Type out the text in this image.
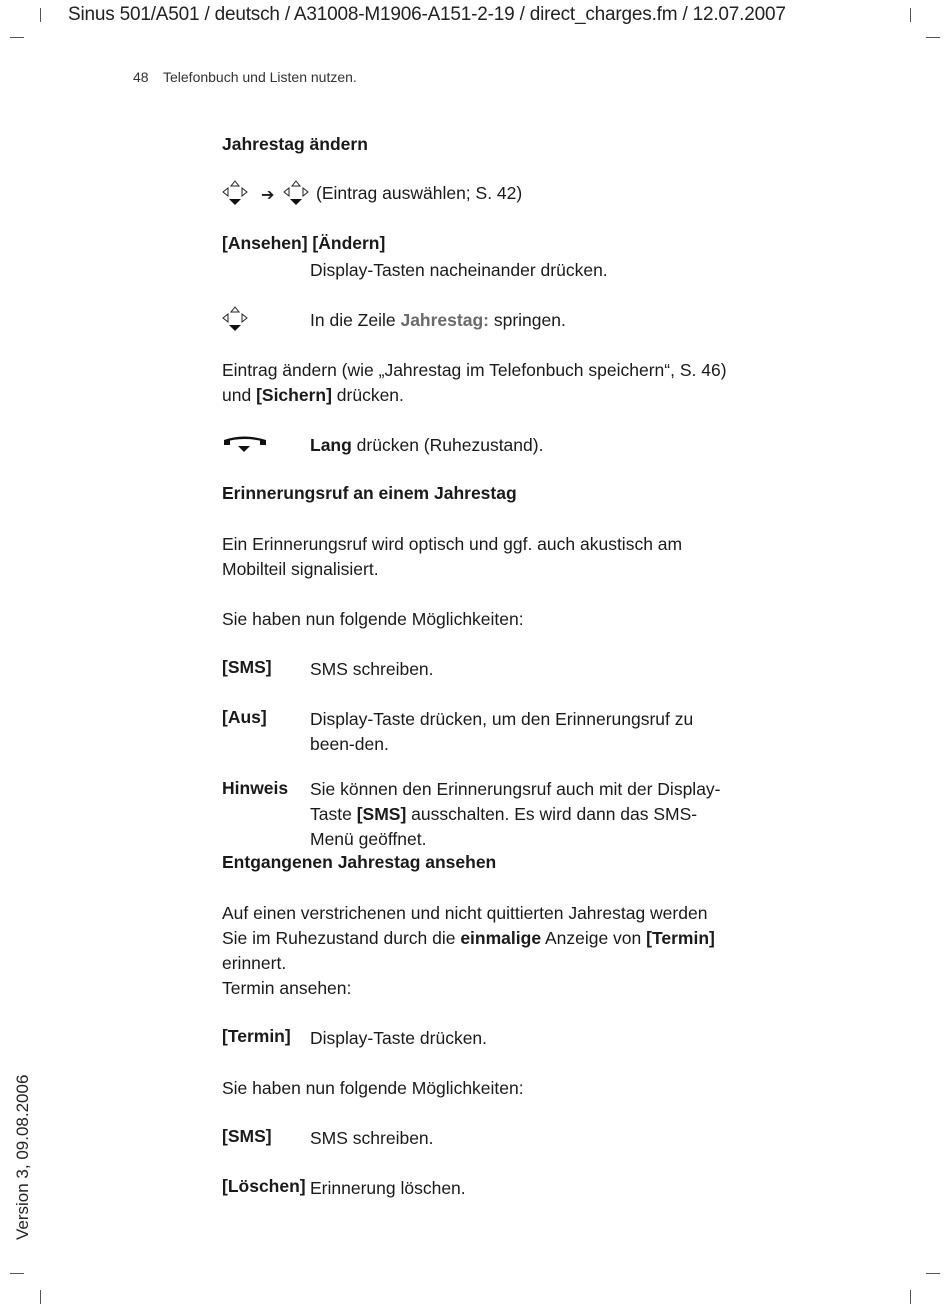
Sinus 501/A501 / deutsch / A31008-M1906-A151-2-19 / direct_charges.fm / 12.07.2007
48 Telefonbuch und Listen nutzen.
Version 3, 09.08.2006
Jahrestag ändern
➔ (Eintrag auswählen; S. 42)
[Ansehen] [Ändern]
Display-Tasten nacheinander drücken.
In die Zeile Jahrestag: springen.
Eintrag ändern (wie „Jahrestag im Telefonbuch speichern“, S. 46) und [Sichern] drücken.
Lang drücken (Ruhezustand).
Erinnerungsruf an einem Jahrestag
Ein Erinnerungsruf wird optisch und ggf. auch akustisch am Mobilteil signalisiert.
Sie haben nun folgende Möglichkeiten:
[SMS] SMS schreiben.
[Aus] Display-Taste drücken, um den Erinnerungsruf zu been-den.
Hinweis Sie können den Erinnerungsruf auch mit der Display-Taste [SMS] ausschalten. Es wird dann das SMS-Menü geöffnet.
Entgangenen Jahrestag ansehen
Auf einen verstrichenen und nicht quittierten Jahrestag werden Sie im Ruhezustand durch die einmalige Anzeige von [Termin] erinnert.
Termin ansehen:
[Termin] Display-Taste drücken.
Sie haben nun folgende Möglichkeiten:
[SMS] SMS schreiben.
[Löschen] Erinnerung löschen.
